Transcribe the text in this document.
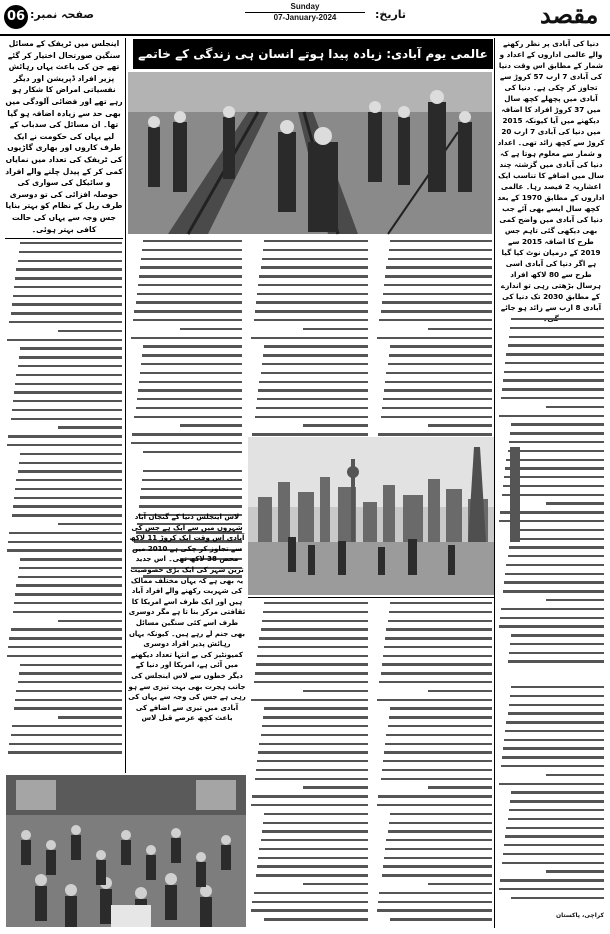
06 صفحہ نمبر:
Sunday
07-January-2024	تاریخ:	مقصد
اینجلس میں ٹریفک کے مسائل سنگین صورتحال اختیار کر گئے تھے جن کی باعث یہاں رہائش پزیر افراد ڈپریشن اور دیگر نفسیاتی امراض کا شکار ہو رہے تھے اور فضائی آلودگی میں بھی حد سے زیادہ اضافہ ہو گیا تھا۔ ان مسائل کی سدباب کے لیے یہاں کی حکومت نے ایک طرف کاروں اور بھاری گاڑیوں کی ٹریفک کی تعداد میں نمایاں کمی کر کے پیدل چلنے والے افراد و سائیکل کی سواری کی حوصلہ افزائی کی تو دوسری طرف ریل کے نظام کو بہتر بنایا جس وجہ سے یہاں کی حالت کافی بہتر ہوئی۔
عالمی یوم آبادی: زیادہ پیدا ہوتے انسان ہی زندگی کے خاتمے
دنیا کی آبادی پر نظر رکھنے والے عالمی اداروں کے اعداد و شمار کے مطابق اس وقت دنیا کی آبادی 7 ارب 57 کروڑ سے تجاوز کر چکی ہے۔ دنیا کی آبادی میں پچھلے کچھ سال میں 37 کروڑ افراد کا اضافہ دیکھنے میں آیا کیونکہ 2015 میں دنیا کی آبادی 7 ارب 20 کروڑ سے کچھ زائد تھی۔ اعداد و شمار سے معلوم ہوتا ہے کہ دنیا کی آبادی میں گزشتہ چند سال میں اضافے کا تناسب ایک اعشاریہ 2 فیصد رہا۔ عالمی اداروں کے مطابق 1970 کے بعد کچھ سال ایسے بھی آئے جب دنیا کی آبادی میں واضح کمی بھی دیکھی گئی تاہم جس طرح کا اضافہ 2015 سے 2019 کے درمیان نوٹ کیا گیا ہے اگر دنیا کی آبادی اسی طرح سے 80 لاکھ افراد ہرسال بڑھتی رہی تو اندازے کے مطابق 2030 تک دنیا کی آبادی 8 ارب سے زائد ہو جائے
کراچی، پاکستان
لاس اینجلس دنیا کے گنجان آباد شہروں میں سے ایک ہے جس کی آبادی اس وقت ایک کروڑ 11 لاکھ سے تجاوز کر چکی ہے 2010 میں محض 38 لاکھ تھی۔ اس جدید ترین شہر کی ایک بڑی خصوصیت یہ بھی ہے کہ یہاں مختلف ممالک کی شہریت رکھنے والے افراد آباد ہیں اور ایک طرف اسے امریکا کا ثقافتی مرکز بنا تا ہے مگر دوسری طرف اسے کئی سنگین مسائل بھی جنم لے رہے ہیں۔ کیونکہ یہاں رہائش پذیر افراد دوسری کمیونٹیز کی بے انتہا تعداد دیکھنے میں آئی ہے، امریکا اور دنیا کے دیگر خطوں سے لاس اینجلس کی جانب ہجرت بھی بہت تیزی سے ہو رہی ہے جس کی وجہ سے یہاں کی آبادی میں تیزی سے اضافے کی باعث کچھ عرصے قبل لاس
